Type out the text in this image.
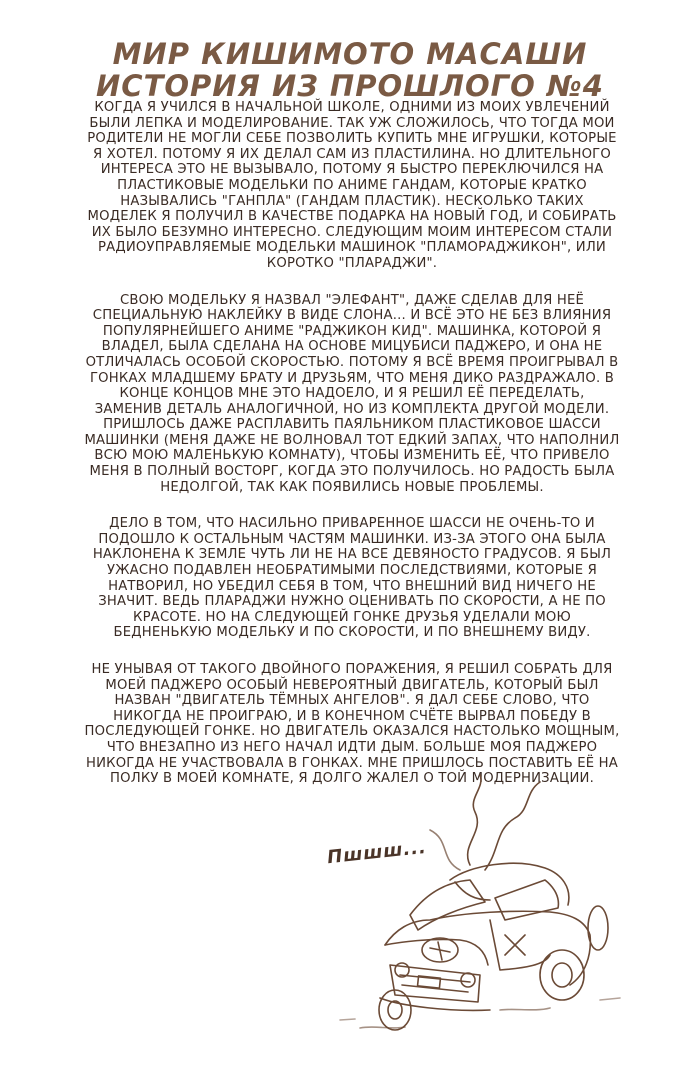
МИР КИШИМОТО МАСАШИ
ИСТОРИЯ ИЗ ПРОШЛОГО №4

КОГДА Я УЧИЛСЯ В НАЧАЛЬНОЙ ШКОЛЕ, ОДНИМИ ИЗ МОИХ УВЛЕЧЕНИЙ БЫЛИ ЛЕПКА И МОДЕЛИРОВАНИЕ. ТАК УЖ СЛОЖИЛОСЬ, ЧТО ТОГДА МОИ РОДИТЕЛИ НЕ МОГЛИ СЕБЕ ПОЗВОЛИТЬ КУПИТЬ МНЕ ИГРУШКИ, КОТОРЫЕ Я ХОТЕЛ. ПОТОМУ Я ИХ ДЕЛАЛ САМ ИЗ ПЛАСТИЛИНА. НО ДЛИТЕЛЬНОГО ИНТЕРЕСА ЭТО НЕ ВЫЗЫВАЛО, ПОТОМУ Я БЫСТРО ПЕРЕКЛЮЧИЛСЯ НА ПЛАСТИКОВЫЕ МОДЕЛЬКИ ПО АНИМЕ ГАНДАМ, КОТОРЫЕ КРАТКО НАЗЫВАЛИСЬ "ГАНПЛА" (ГАНДАМ ПЛАСТИК). НЕСКОЛЬКО ТАКИХ МОДЕЛЕК Я ПОЛУЧИЛ В КАЧЕСТВЕ ПОДАРКА НА НОВЫЙ ГОД, И СОБИРАТЬ ИХ БЫЛО БЕЗУМНО ИНТЕРЕСНО. СЛЕДУЮЩИМ МОИМ ИНТЕРЕСОМ СТАЛИ РАДИОУПРАВЛЯЕМЫЕ МОДЕЛЬКИ МАШИНОК "ПЛАМОРАДЖИКОН", ИЛИ КОРОТКО "ПЛАРАДЖИ".

СВОЮ МОДЕЛЬКУ Я НАЗВАЛ "ЭЛЕФАНТ", ДАЖЕ СДЕЛАВ ДЛЯ НЕЁ СПЕЦИАЛЬНУЮ НАКЛЕЙКУ В ВИДЕ СЛОНА... И ВСЁ ЭТО НЕ БЕЗ ВЛИЯНИЯ ПОПУЛЯРНЕЙШЕГО АНИМЕ "РАДЖИКОН КИД". МАШИНКА, КОТОРОЙ Я ВЛАДЕЛ, БЫЛА СДЕЛАНА НА ОСНОВЕ МИЦУБИСИ ПАДЖЕРО, И ОНА НЕ ОТЛИЧАЛАСЬ ОСОБОЙ СКОРОСТЬЮ. ПОТОМУ Я ВСЁ ВРЕМЯ ПРОИГРЫВАЛ В ГОНКАХ МЛАДШЕМУ БРАТУ И ДРУЗЬЯМ, ЧТО МЕНЯ ДИКО РАЗДРАЖАЛО. В КОНЦЕ КОНЦОВ МНЕ ЭТО НАДОЕЛО, И Я РЕШИЛ ЕЁ ПЕРЕДЕЛАТЬ, ЗАМЕНИВ ДЕТАЛЬ АНАЛОГИЧНОЙ, НО ИЗ КОМПЛЕКТА ДРУГОЙ МОДЕЛИ. ПРИШЛОСЬ ДАЖЕ РАСПЛАВИТЬ ПАЯЛЬНИКОМ ПЛАСТИКОВОЕ ШАССИ МАШИНКИ (МЕНЯ ДАЖЕ НЕ ВОЛНОВАЛ ТОТ ЕДКИЙ ЗАПАХ, ЧТО НАПОЛНИЛ ВСЮ МОЮ МАЛЕНЬКУЮ КОМНАТУ), ЧТОБЫ ИЗМЕНИТЬ ЕЁ, ЧТО ПРИВЕЛО МЕНЯ В ПОЛНЫЙ ВОСТОРГ, КОГДА ЭТО ПОЛУЧИЛОСЬ. НО РАДОСТЬ БЫЛА НЕДОЛГОЙ, ТАК КАК ПОЯВИЛИСЬ НОВЫЕ ПРОБЛЕМЫ.

ДЕЛО В ТОМ, ЧТО НАСИЛЬНО ПРИВАРЕННОЕ ШАССИ НЕ ОЧЕНЬ-ТО И ПОДОШЛО К ОСТАЛЬНЫМ ЧАСТЯМ МАШИНКИ. ИЗ-ЗА ЭТОГО ОНА БЫЛА НАКЛОНЕНА К ЗЕМЛЕ ЧУТЬ ЛИ НЕ НА ВСЕ ДЕВЯНОСТО ГРАДУСОВ. Я БЫЛ УЖАСНО ПОДАВЛЕН НЕОБРАТИМЫМИ ПОСЛЕДСТВИЯМИ, КОТОРЫЕ Я НАТВОРИЛ, НО УБЕДИЛ СЕБЯ В ТОМ, ЧТО ВНЕШНИЙ ВИД НИЧЕГО НЕ ЗНАЧИТ. ВЕДЬ ПЛАРАДЖИ НУЖНО ОЦЕНИВАТЬ ПО СКОРОСТИ, А НЕ ПО КРАСОТЕ. НО НА СЛЕДУЮЩЕЙ ГОНКЕ ДРУЗЬЯ УДЕЛАЛИ МОЮ БЕДНЕНЬКУЮ МОДЕЛЬКУ И ПО СКОРОСТИ, И ПО ВНЕШНЕМУ ВИДУ.

НЕ УНЫВАЯ ОТ ТАКОГО ДВОЙНОГО ПОРАЖЕНИЯ, Я РЕШИЛ СОБРАТЬ ДЛЯ МОЕЙ ПАДЖЕРО ОСОБЫЙ НЕВЕРОЯТНЫЙ ДВИГАТЕЛЬ, КОТОРЫЙ БЫЛ НАЗВАН "ДВИГАТЕЛЬ ТЁМНЫХ АНГЕЛОВ". Я ДАЛ СЕБЕ СЛОВО, ЧТО НИКОГДА НЕ ПРОИГРАЮ, И В КОНЕЧНОМ СЧЁТЕ ВЫРВАЛ ПОБЕДУ В ПОСЛЕДУЮЩЕЙ ГОНКЕ. НО ДВИГАТЕЛЬ ОКАЗАЛСЯ НАСТОЛЬКО МОЩНЫМ, ЧТО ВНЕЗАПНО ИЗ НЕГО НАЧАЛ ИДТИ ДЫМ. БОЛЬШЕ МОЯ ПАДЖЕРО НИКОГДА НЕ УЧАСТВОВАЛА В ГОНКАХ. МНЕ ПРИШЛОСЬ ПОСТАВИТЬ ЕЁ НА ПОЛКУ В МОЕЙ КОМНАТЕ, Я ДОЛГО ЖАЛЕЛ О ТОЙ МОДЕРНИЗАЦИИ.

Пшшш...
